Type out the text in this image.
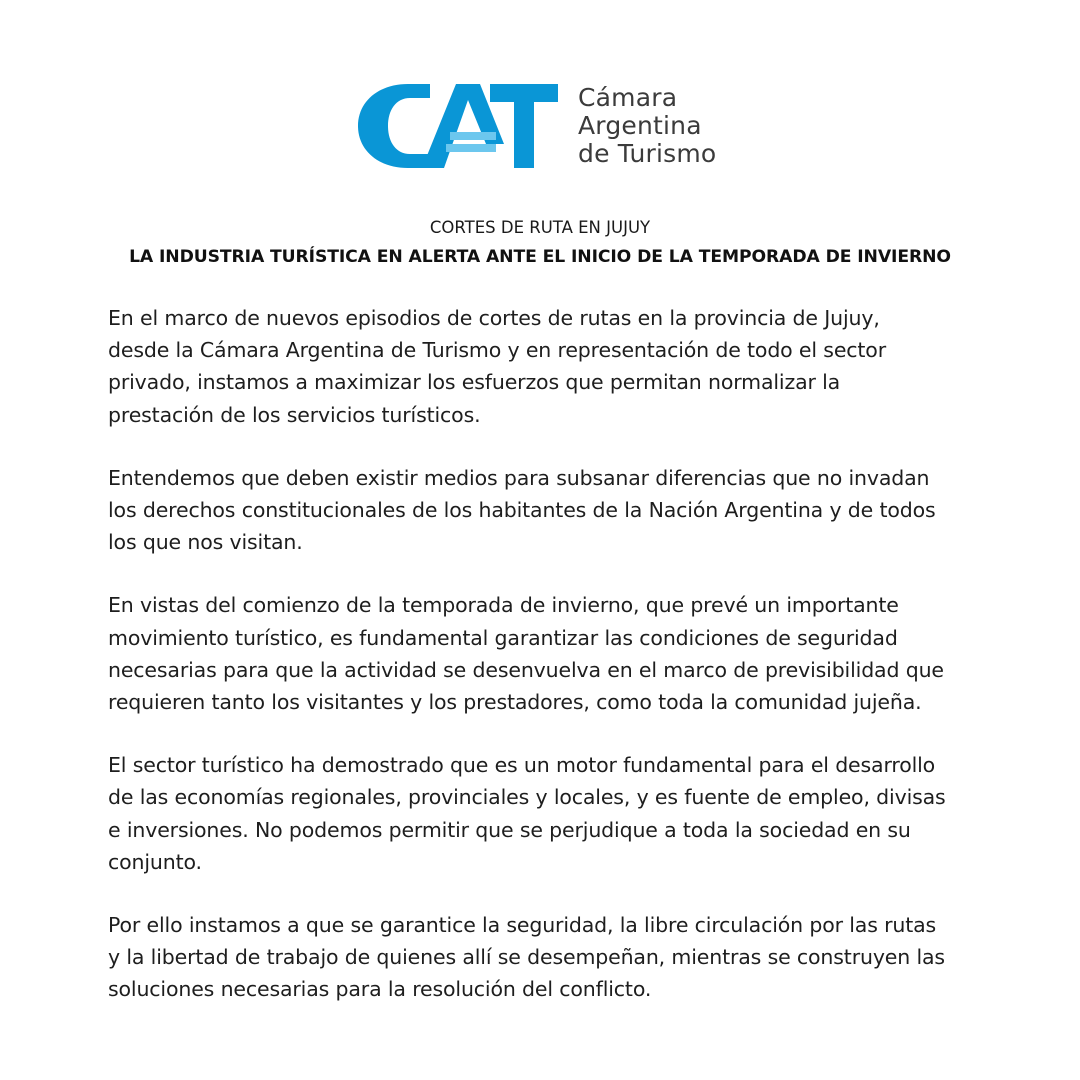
Cámara
Argentina
de Turismo
CORTES DE RUTA EN JUJUY
LA INDUSTRIA TURÍSTICA EN ALERTA ANTE EL INICIO DE LA TEMPORADA DE INVIERNO

En el marco de nuevos episodios de cortes de rutas en la provincia de Jujuy,
desde la Cámara Argentina de Turismo y en representación de todo el sector
privado, instamos a maximizar los esfuerzos que permitan normalizar la
prestación de los servicios turísticos.

Entendemos que deben existir medios para subsanar diferencias que no invadan
los derechos constitucionales de los habitantes de la Nación Argentina y de todos
los que nos visitan.

En vistas del comienzo de la temporada de invierno, que prevé un importante
movimiento turístico, es fundamental garantizar las condiciones de seguridad
necesarias para que la actividad se desenvuelva en el marco de previsibilidad que
requieren tanto los visitantes y los prestadores, como toda la comunidad jujeña.

El sector turístico ha demostrado que es un motor fundamental para el desarrollo
de las economías regionales, provinciales y locales, y es fuente de empleo, divisas
e inversiones. No podemos permitir que se perjudique a toda la sociedad en su
conjunto.

Por ello instamos a que se garantice la seguridad, la libre circulación por las rutas
y la libertad de trabajo de quienes allí se desempeñan, mientras se construyen las
soluciones necesarias para la resolución del conflicto.
